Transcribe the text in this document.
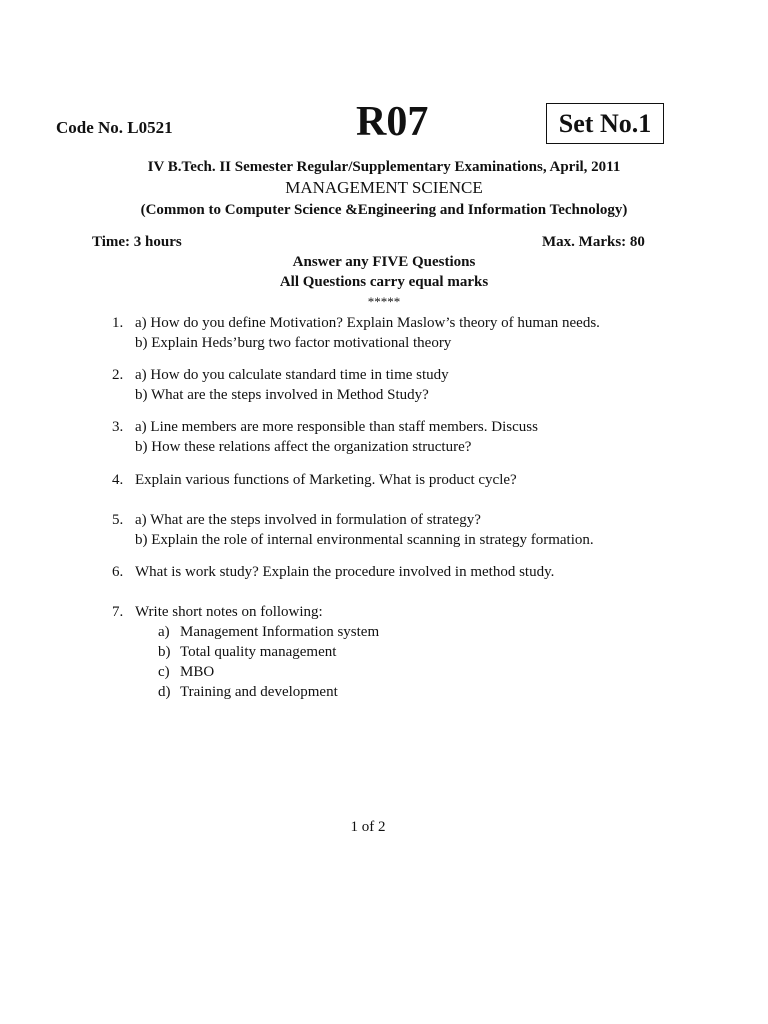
Code No. L0521	R07	Set No.1
IV B.Tech. II Semester Regular/Supplementary Examinations, April, 2011
MANAGEMENT SCIENCE
(Common to Computer Science &Engineering and Information Technology)
Time: 3 hours	Max. Marks: 80
Answer any FIVE Questions
All Questions carry equal marks
*****
1. a) How do you define Motivation? Explain Maslow’s theory of human needs.
b) Explain Heds’burg two factor motivational theory
2. a) How do you calculate standard time in time study
b) What are the steps involved in Method Study?
3. a) Line members are more responsible than staff members. Discuss
b) How these relations affect the organization structure?
4. Explain various functions of Marketing. What is product cycle?
5. a) What are the steps involved in formulation of strategy?
b) Explain the role of internal environmental scanning in strategy formation.
6. What is work study? Explain the procedure involved in method study.
7. Write short notes on following:
a) Management Information system
b) Total quality management
c) MBO
d) Training and development
1 of 2
